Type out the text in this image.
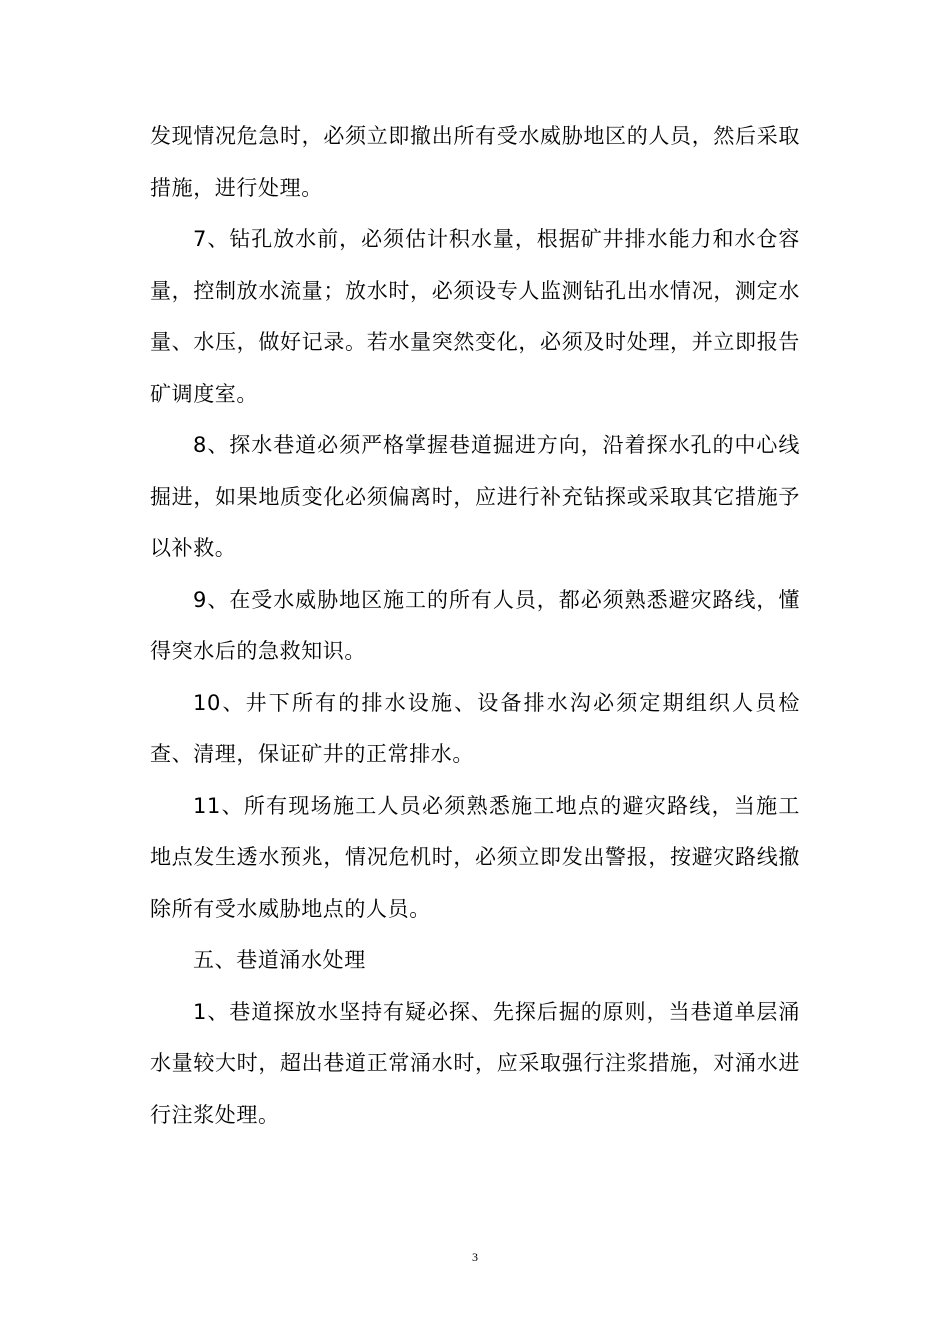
发现情况危急时，必须立即撤出所有受水威胁地区的人员，然后采取措施，进行处理。

7、钻孔放水前，必须估计积水量，根据矿井排水能力和水仓容量，控制放水流量；放水时，必须设专人监测钻孔出水情况，测定水量、水压，做好记录。若水量突然变化，必须及时处理，并立即报告矿调度室。

8、探水巷道必须严格掌握巷道掘进方向，沿着探水孔的中心线掘进，如果地质变化必须偏离时，应进行补充钻探或采取其它措施予以补救。

9、在受水威胁地区施工的所有人员，都必须熟悉避灾路线，懂得突水后的急救知识。

10、井下所有的排水设施、设备排水沟必须定期组织人员检查、清理，保证矿井的正常排水。

11、所有现场施工人员必须熟悉施工地点的避灾路线，当施工地点发生透水预兆，情况危机时，必须立即发出警报，按避灾路线撤除所有受水威胁地点的人员。

五、巷道涌水处理

1、巷道探放水坚持有疑必探、先探后掘的原则，当巷道单层涌水量较大时，超出巷道正常涌水时，应采取强行注浆措施，对涌水进行注浆处理。

3
